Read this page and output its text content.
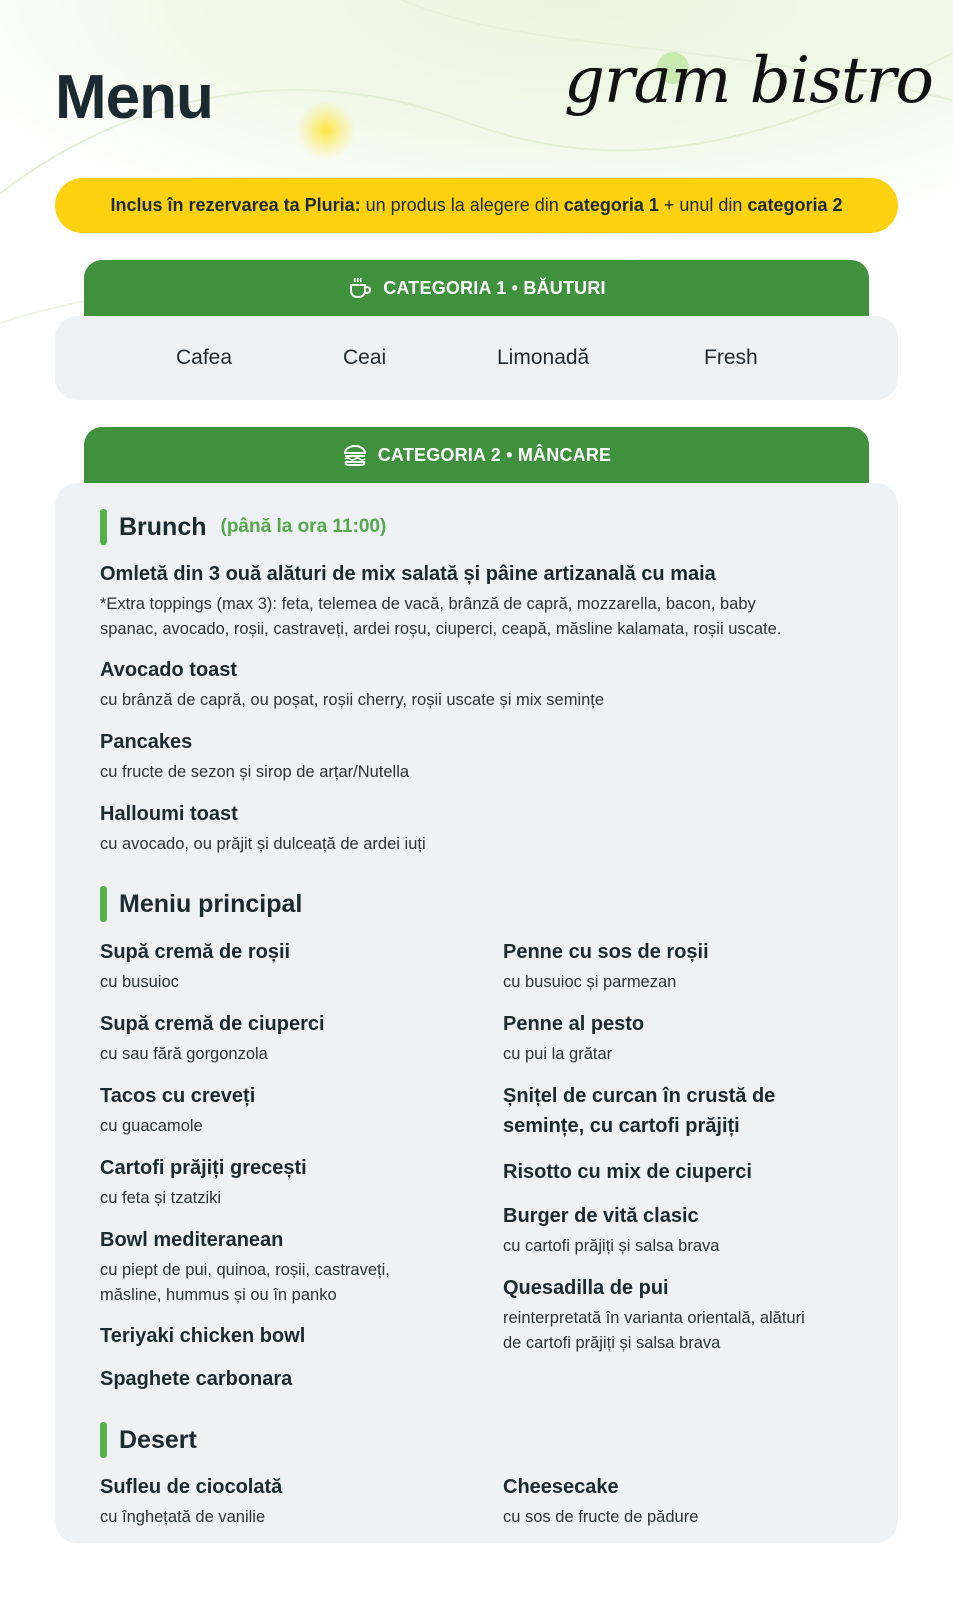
Menu	gram bistro
Inclus în rezervarea ta Pluria: un produs la alegere din categoria 1 + unul din categoria 2
CATEGORIA 1 • BĂUTURI
Cafea	Ceai	Limonadă	Fresh
CATEGORIA 2 • MÂNCARE
Brunch (până la ora 11:00)
Omletă din 3 ouă alături de mix salată și pâine artizanală cu maia
*Extra toppings (max 3): feta, telemea de vacă, brânză de capră, mozzarella, bacon, baby
spanac, avocado, roșii, castraveți, ardei roșu, ciuperci, ceapă, măsline kalamata, roșii uscate.
Avocado toast
cu brânză de capră, ou poșat, roșii cherry, roșii uscate și mix semințe
Pancakes
cu fructe de sezon și sirop de arțar/Nutella
Halloumi toast
cu avocado, ou prăjit și dulceață de ardei iuți
Meniu principal
Supă cremă de roșii
cu busuioc
Supă cremă de ciuperci
cu sau fără gorgonzola
Tacos cu creveți
cu guacamole
Cartofi prăjiți grecești
cu feta și tzatziki
Bowl mediteranean
cu piept de pui, quinoa, roșii, castraveți,
măsline, hummus și ou în panko
Teriyaki chicken bowl
Spaghete carbonara
Penne cu sos de roșii
cu busuioc și parmezan
Penne al pesto
cu pui la grătar
Șnițel de curcan în crustă de
semințe, cu cartofi prăjiți
Risotto cu mix de ciuperci
Burger de vită clasic
cu cartofi prăjiți și salsa brava
Quesadilla de pui
reinterpretată în varianta orientală, alături
de cartofi prăjiți și salsa brava
Desert
Sufleu de ciocolată
cu înghețată de vanilie
Cheesecake
cu sos de fructe de pădure
